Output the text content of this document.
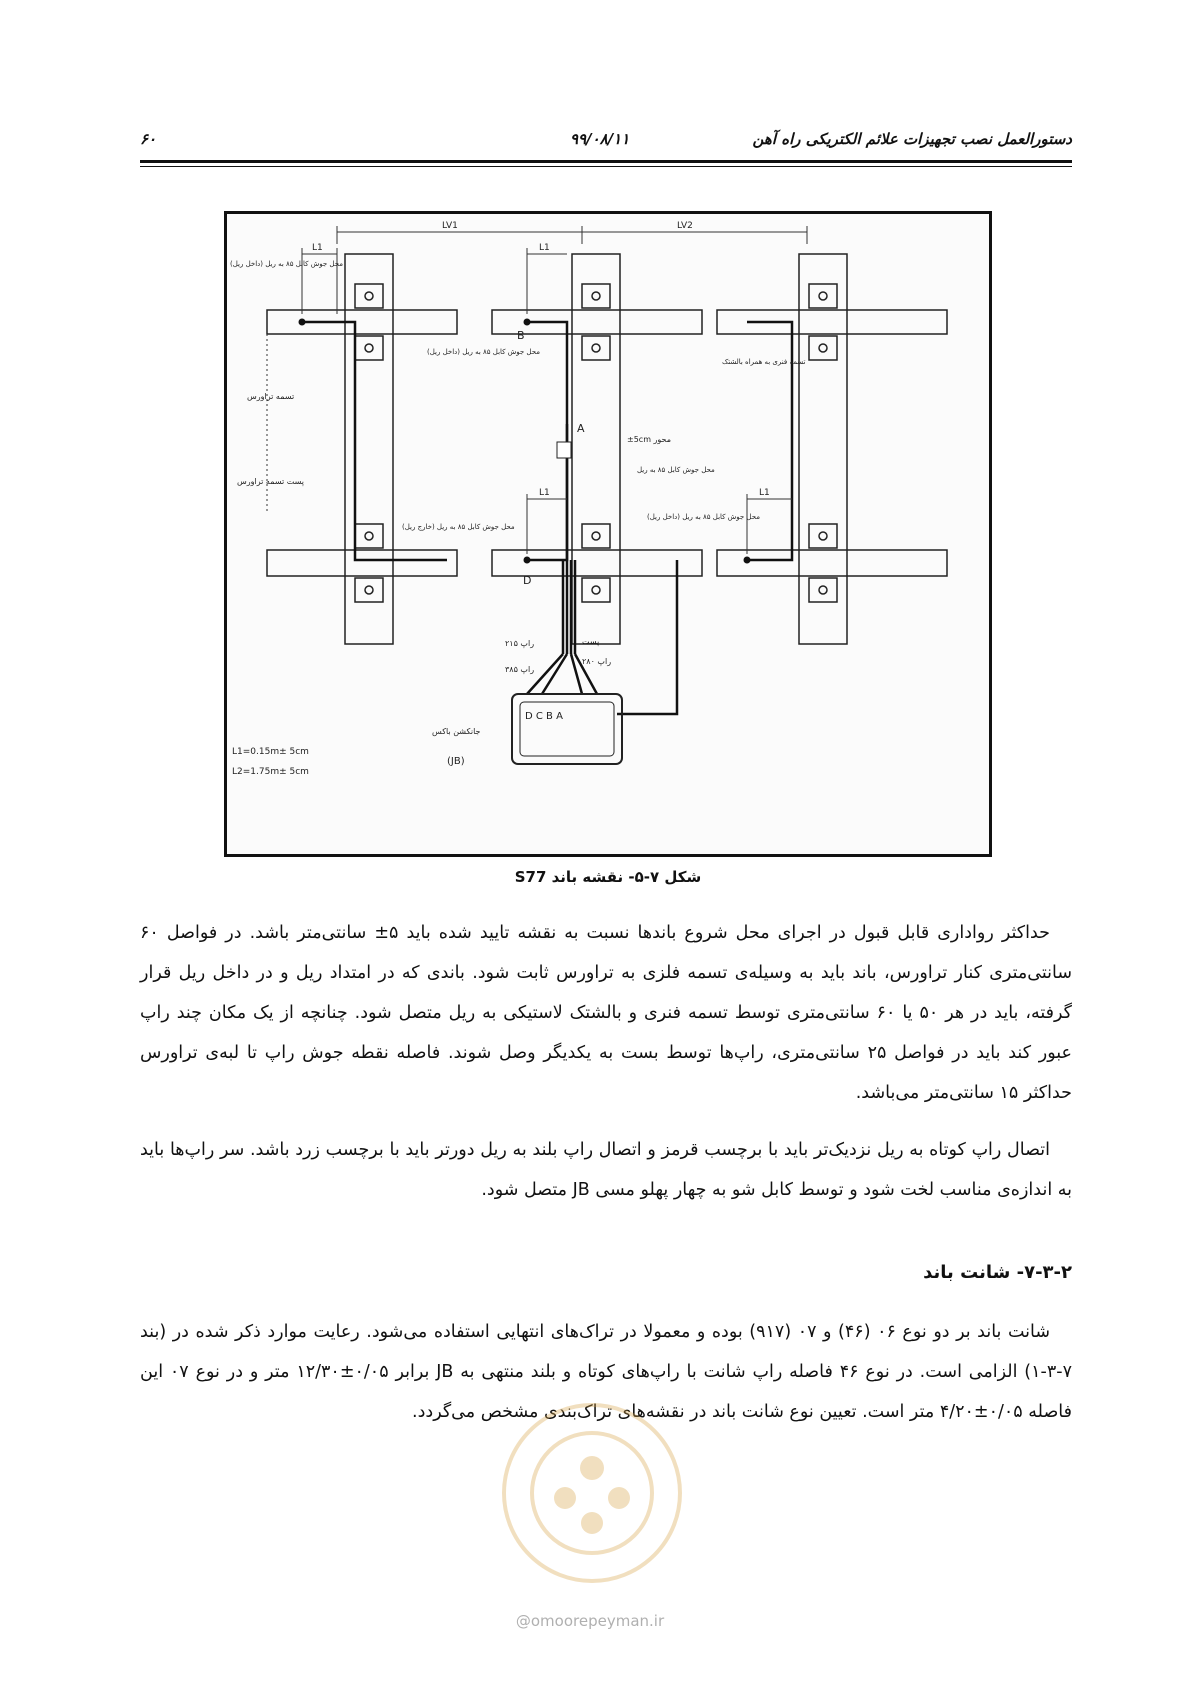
۶۰	۹۹/۰۸/۱۱	دستورالعمل نصب تجهیزات علائم الکتریکی راه آهن
LV1	LV2
L1	L1
L1	L1
محل جوش کابل ۸۵ به ریل (داخل ریل)
محل جوش کابل ۸۵ به ریل (داخل ریل)
B
تسمه فنری به همراه بالشتک
تسمه تراورس
پست تسمه تراورس
A
±5cm محور
محل جوش کابل ۸۵ به ریل
محل جوش کابل ۸۵ به ریل (خارج ریل)
محل جوش کابل ۸۵ به ریل (داخل ریل)
D
پست
راپ ۲۱۵
راپ ۳۸۵
راپ ۲۸۰
D C B A
جانکشن باکس
(JB)
L1=0.15m± 5cm
L2=1.75m± 5cm
شکل ۷-۵- نقشه باند S77

حداکثر رواداری قابل قبول در اجرای محل شروع باندها نسبت به نقشه تایید شده باید ۵± سانتی‌متر باشد. در فواصل ۶۰ سانتی‌متری کنار تراورس، باند باید به وسیله‌ی تسمه فلزی به تراورس ثابت شود. باندی که در امتداد ریل و در داخل ریل قرار گرفته، باید در هر ۵۰ یا ۶۰ سانتی‌متری توسط تسمه فنری و بالشتک لاستیکی به ریل متصل شود. چنانچه از یک مکان چند راپ عبور کند باید در فواصل ۲۵ سانتی‌متری، راپ‌ها توسط بست به یکدیگر وصل شوند. فاصله نقطه جوش راپ تا لبه‌ی تراورس حداکثر ۱۵ سانتی‌متر می‌باشد.

اتصال راپ کوتاه به ریل نزدیک‌تر باید با برچسب قرمز و اتصال راپ بلند به ریل دورتر باید با برچسب زرد باشد. سر راپ‌ها باید به اندازه‌ی مناسب لخت شود و توسط کابل شو به چهار پهلو مسی JB متصل شود.

۷-۳-۲- شانت باند

شانت باند بر دو نوع ۰۶ (۴۶) و ۰۷ (۹۱۷) بوده و معمولا در تراک‌های انتهایی استفاده می‌شود. رعایت موارد ذکر شده در (بند ۷-۳-۱) الزامی است. در نوع ۴۶ فاصله راپ شانت با راپ‌های کوتاه و بلند منتهی به JB برابر ۰/۰۵±۱۲/۳۰ متر و در نوع ۰۷ این فاصله ۰/۰۵±۴/۲۰ متر است. تعیین نوع شانت باند در نقشه‌های تراک‌بندی مشخص می‌گردد.

@omoorepeyman.ir
